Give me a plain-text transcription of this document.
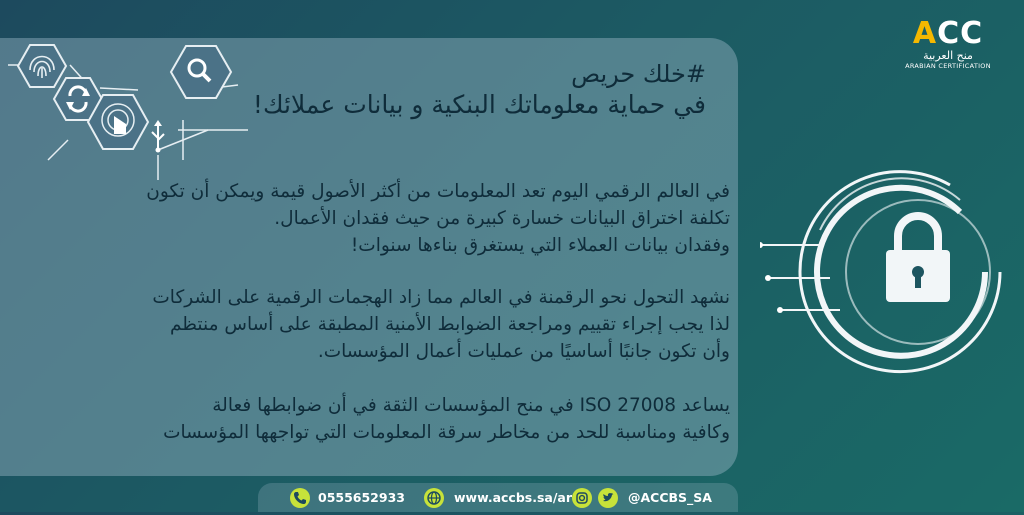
ACC
منح العربية
ARABIAN CERTIFICATION
#خلك حريص
في حماية معلوماتك البنكية و بيانات عملائك!
في العالم الرقمي اليوم تعد المعلومات من أكثر الأصول قيمة ويمكن أن تكون
تكلفة اختراق البيانات خسارة كبيرة من حيث فقدان الأعمال.
وفقدان بيانات العملاء التي يستغرق بناءها سنوات!
نشهد التحول نحو الرقمنة في العالم مما زاد الهجمات الرقمية على الشركات
لذا يجب إجراء تقييم ومراجعة الضوابط الأمنية المطبقة على أساس منتظم
وأن تكون جانبًا أساسيًا من عمليات أعمال المؤسسات.
يساعد ISO 27008 في منح المؤسسات الثقة في أن ضوابطها فعالة
وكافية ومناسبة للحد من مخاطر سرقة المعلومات التي تواجهها المؤسسات
0555652933	www.accbs.sa/ar	@ACCBS_SA
